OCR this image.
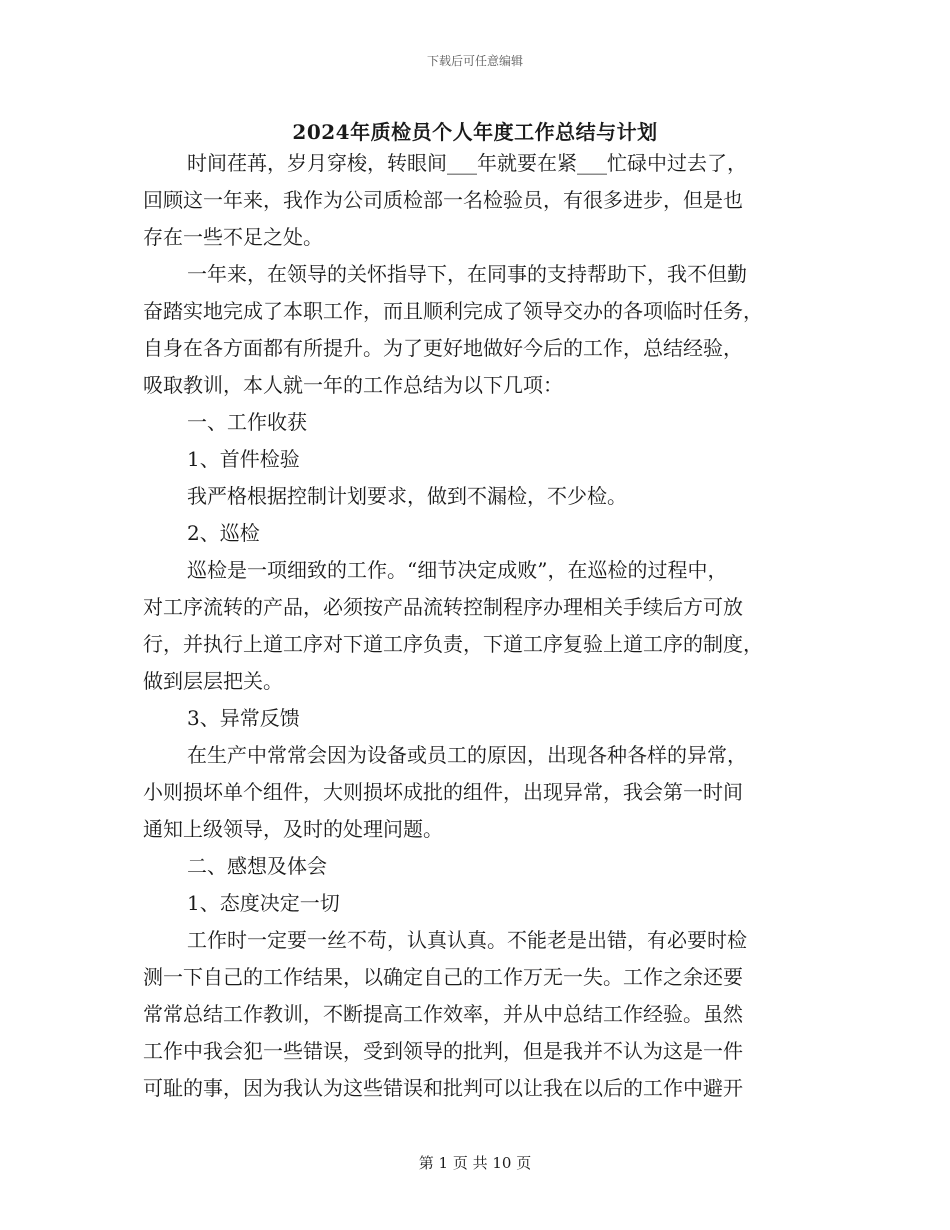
下载后可任意编辑
2024年质检员个人年度工作总结与计划
时间荏苒，岁月穿梭，转眼间___年就要在紧___忙碌中过去了，
回顾这一年来，我作为公司质检部一名检验员，有很多进步，但是也
存在一些不足之处。
一年来，在领导的关怀指导下，在同事的支持帮助下，我不但勤
奋踏实地完成了本职工作，而且顺利完成了领导交办的各项临时任务，
自身在各方面都有所提升。为了更好地做好今后的工作，总结经验，
吸取教训，本人就一年的工作总结为以下几项：
一、工作收获
1、首件检验
我严格根据控制计划要求，做到不漏检，不少检。
2、巡检
巡检是一项细致的工作。“细节决定成败”，在巡检的过程中，
对工序流转的产品，必须按产品流转控制程序办理相关手续后方可放
行，并执行上道工序对下道工序负责，下道工序复验上道工序的制度，
做到层层把关。
3、异常反馈
在生产中常常会因为设备或员工的原因，出现各种各样的异常，
小则损坏单个组件，大则损坏成批的组件，出现异常，我会第一时间
通知上级领导，及时的处理问题。
二、感想及体会
1、态度决定一切
工作时一定要一丝不苟，认真认真。不能老是出错，有必要时检
测一下自己的工作结果，以确定自己的工作万无一失。工作之余还要
常常总结工作教训，不断提高工作效率，并从中总结工作经验。虽然
工作中我会犯一些错误，受到领导的批判，但是我并不认为这是一件
可耻的事，因为我认为这些错误和批判可以让我在以后的工作中避开
第 1 页 共 10 页
